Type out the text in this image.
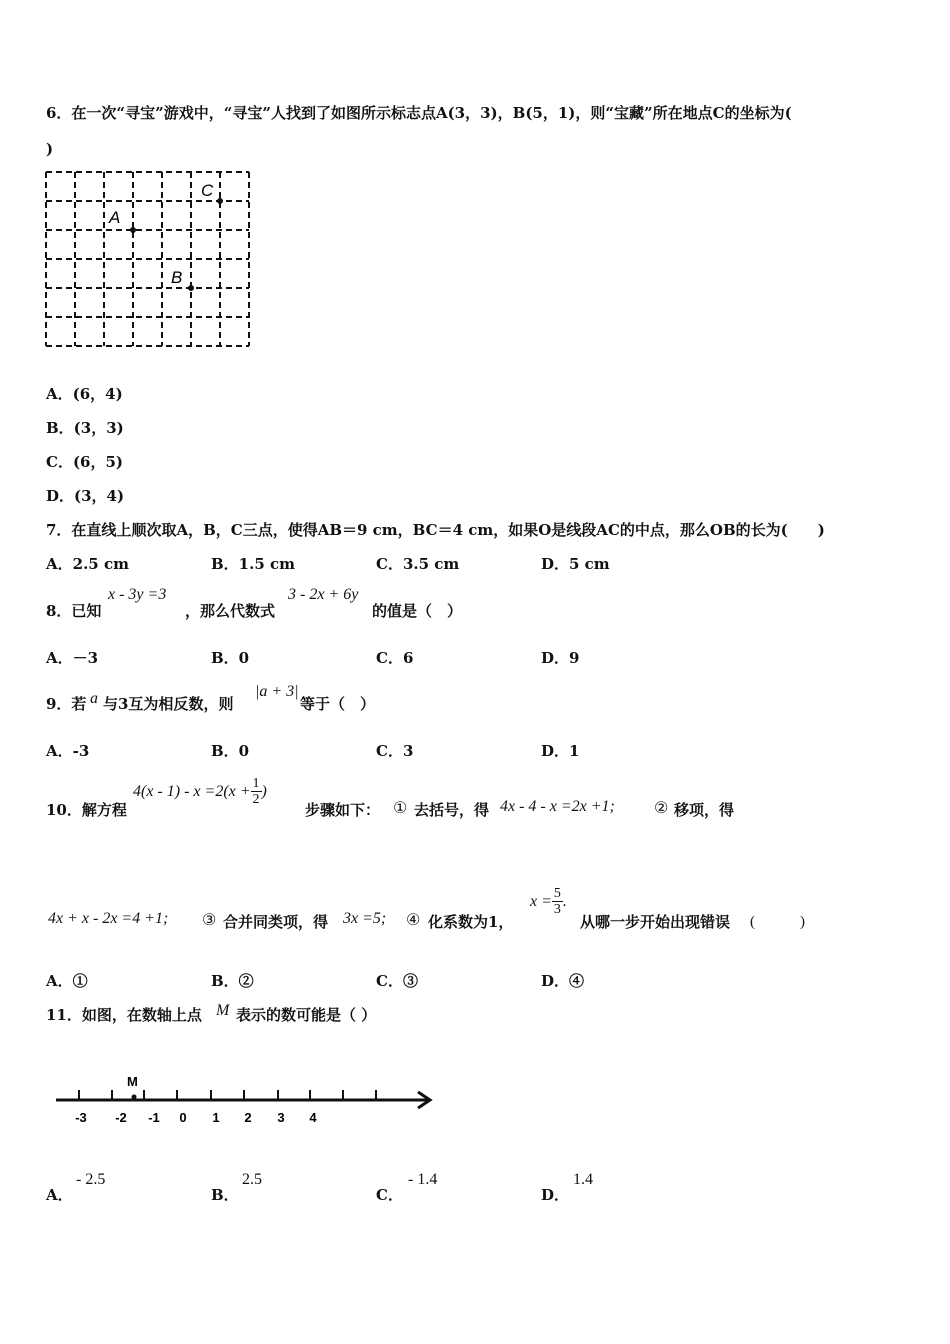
6．在一次“寻宝”游戏中，“寻宝”人找到了如图所示标志点A(3，3)，B(5，1)，则“宝藏”所在地点C的坐标为(
)
A
B
C
A．(6，4)
B．(3，3)
C．(6，5)
D．(3，4)
7．在直线上顺次取A，B，C三点，使得AB＝9 cm，BC＝4 cm，如果O是线段AC的中点，那么OB的长为(　　)
A．2.5 cm	B．1.5 cm	C．3.5 cm	D．5 cm
8．已知
x - 3y =3
，那么代数式
3 - 2x + 6y
的值是（　）
A．－3	B．0	C．6	D．9
9．若 a 与3互为相反数，则
|a + 3|
等于（　）
A．-3	B．0	C．3	D．1
10．解方程
$4(x - 1) - x =2(x + \frac{1}{2}$ )
步骤如下： ① 去括号，得 4x - 4 - x =2x +1; ② 移项，得
4x + x - 2x =4 +1; ③ 合并同类项，得 3x =5; ④ 化系数为1，
$x = \frac{5}{3}$ .
从哪一步开始出现错误 (　　　)
A．①	B．②	C．③	D．④
11．如图，在数轴上点 M 表示的数可能是（ ）
-3 -2 -1 0 1 2 3 4
M
A．
- 2.5
B．
2.5
C．
- 1.4
D．
1.4
